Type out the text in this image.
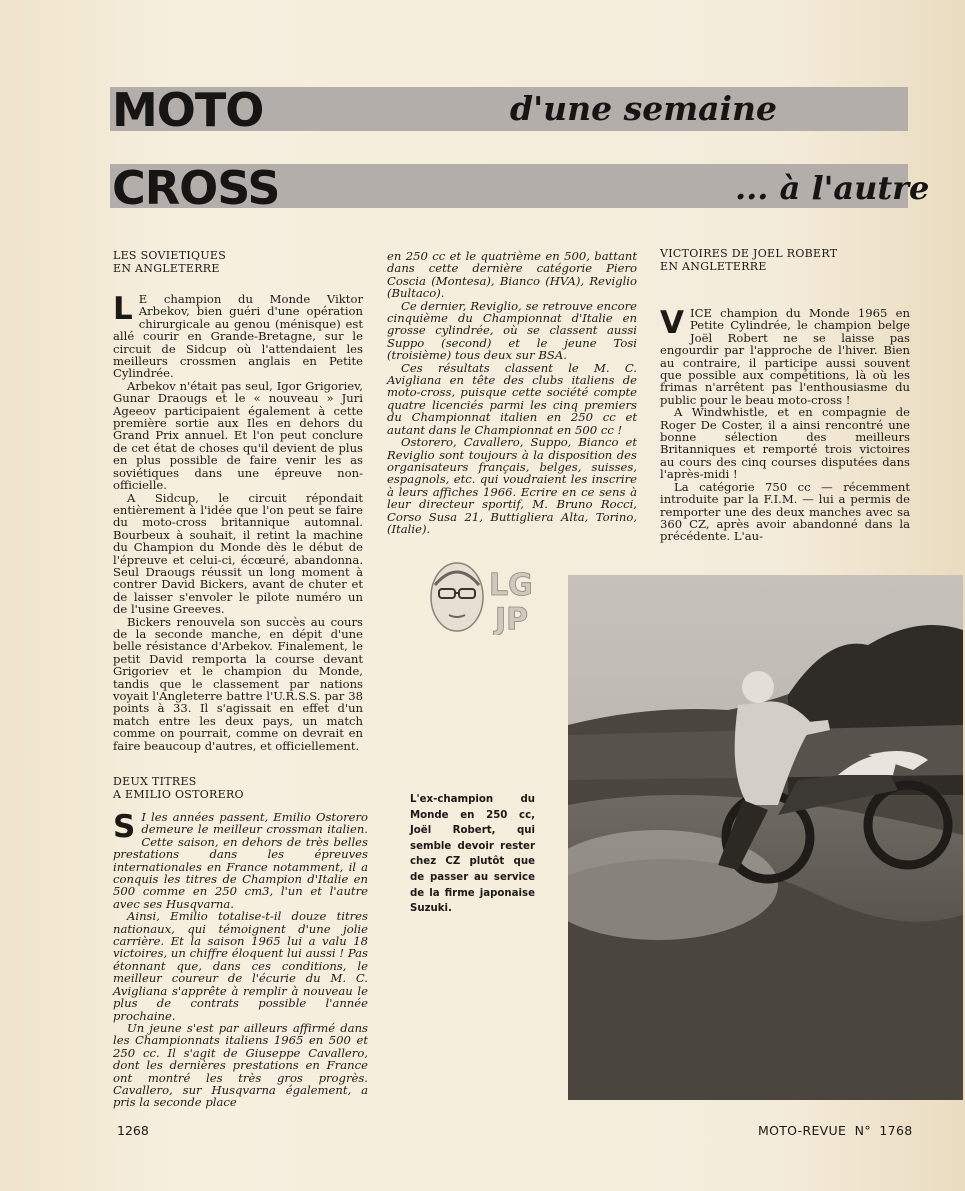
MOTO	d'une semaine
CROSS	... à l'autre
LES SOVIETIQUES
EN ANGLETERRE

L E champion du Monde Viktor Arbekov, bien guéri d'une opération chirurgicale au genou (ménisque) est allé courir en Grande-Bretagne, sur le circuit de Sidcup où l'attendaient les meilleurs crossmen anglais en Petite Cylindrée.

Arbekov n'était pas seul, Igor Grigoriev, Gunar Draougs et le « nouveau » Juri Ageeov participaient également à cette première sortie aux Iles en dehors du Grand Prix annuel. Et l'on peut conclure de cet état de choses qu'il devient de plus en plus possible de faire venir les as soviétiques dans une épreuve non-officielle.

A Sidcup, le circuit répondait entièrement à l'idée que l'on peut se faire du moto-cross britannique automnal. Bourbeux à souhait, il retint la machine du Champion du Monde dès le début de l'épreuve et celui-ci, écœuré, abandonna. Seul Draougs réussit un long moment à contrer David Bickers, avant de chuter et de laisser s'envoler le pilote numéro un de l'usine Greeves.

Bickers renouvela son succès au cours de la seconde manche, en dépit d'une belle résistance d'Arbekov. Finalement, le petit David remporta la course devant Grigoriev et le champion du Monde, tandis que le classement par nations voyait l'Angleterre battre l'U.R.S.S. par 38 points à 33. Il s'agissait en effet d'un match entre les deux pays, un match comme on pourrait, comme on devrait en faire beaucoup d'autres, et officiellement.

DEUX TITRES
A EMILIO OSTORERO

S I les années passent, Emilio Ostorero demeure le meilleur crossman italien. Cette saison, en dehors de très belles prestations dans les épreuves internationales en France notamment, il a conquis les titres de Champion d'Italie en 500 comme en 250 cm3, l'un et l'autre avec ses Husqvarna.

Ainsi, Emilio totalise-t-il douze titres nationaux, qui témoignent d'une jolie carrière. Et la saison 1965 lui a valu 18 victoires, un chiffre éloquent lui aussi ! Pas étonnant que, dans ces conditions, le meilleur coureur de l'écurie du M. C. Avigliana s'apprête à remplir à nouveau le plus de contrats possible l'année prochaine.

Un jeune s'est par ailleurs affirmé dans les Championnats italiens 1965 en 500 et 250 cc. Il s'agit de Giuseppe Cavallero, dont les dernières prestations en France ont montré les très gros progrès. Cavallero, sur Husqvarna également, a pris la seconde place

en 250 cc et le quatrième en 500, battant dans cette dernière catégorie Piero Coscia (Montesa), Bianco (HVA), Reviglio (Bultaco).

Ce dernier, Reviglio, se retrouve encore cinquième du Championnat d'Italie en grosse cylindrée, où se classent aussi Suppo (second) et le jeune Tosi (troisième) tous deux sur BSA.

Ces résultats classent le M. C. Avigliana en tête des clubs italiens de moto-cross, puisque cette société compte quatre licenciés parmi les cinq premiers du Championnat italien en 250 cc et autant dans le Championnat en 500 cc !

Ostorero, Cavallero, Suppo, Bianco et Reviglio sont toujours à la disposition des organisateurs français, belges, suisses, espagnols, etc. qui voudraient les inscrire à leurs affiches 1966. Ecrire en ce sens à leur directeur sportif, M. Bruno Rocci, Corso Susa 21, Buttigliera Alta, Torino, (Italie).

LG
JP
VICTOIRES DE JOEL ROBERT
EN ANGLETERRE

VICE champion du Monde 1965 en Petite Cylindrée, le champion belge Joël Robert ne se laisse pas engourdir par l'approche de l'hiver. Bien au contraire, il participe aussi souvent que possible aux compétitions, là où les frimas n'arrêtent pas l'enthousiasme du public pour le beau moto-cross !

A Windwhistle, et en compagnie de Roger De Coster, il a ainsi rencontré une bonne sélection des meilleurs Britanniques et remporté trois victoires au cours des cinq courses disputées dans l'après-midi !

La catégorie 750 cc — récemment introduite par la F.I.M. — lui a permis de remporter une des deux manches avec sa 360 CZ, après avoir abandonné dans la précédente. L'au-

L'ex-champion du Monde en 250 cc, Joël Robert, qui semble devoir rester chez CZ plutôt que de passer au service de la firme japonaise Suzuki.
1268	MOTO-REVUE  N°  1768
